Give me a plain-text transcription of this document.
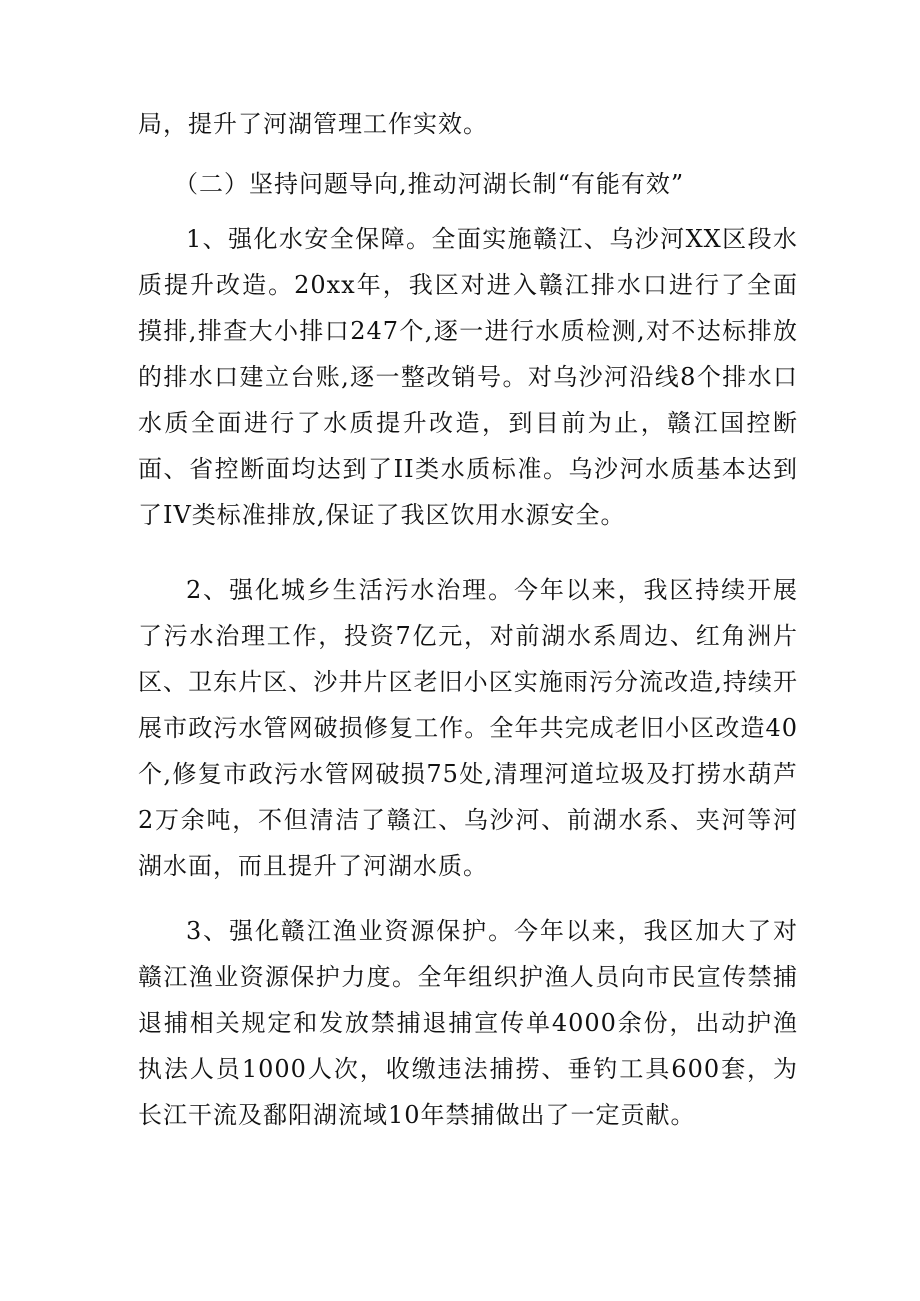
局，提升了河湖管理工作实效。

（二）坚持问题导向,推动河湖长制“有能有效”

1、强化水安全保障。全面实施赣江、乌沙河XX区段水质提升改造。20xx年，我区对进入赣江排水口进行了全面摸排,排查大小排口247个,逐一进行水质检测,对不达标排放的排水口建立台账,逐一整改销号。对乌沙河沿线8个排水口水质全面进行了水质提升改造，到目前为止，赣江国控断面、省控断面均达到了II类水质标准。乌沙河水质基本达到了IV类标准排放,保证了我区饮用水源安全。

2、强化城乡生活污水治理。今年以来，我区持续开展了污水治理工作，投资7亿元，对前湖水系周边、红角洲片区、卫东片区、沙井片区老旧小区实施雨污分流改造,持续开展市政污水管网破损修复工作。全年共完成老旧小区改造40个,修复市政污水管网破损75处,清理河道垃圾及打捞水葫芦2万余吨，不但清洁了赣江、乌沙河、前湖水系、夹河等河湖水面，而且提升了河湖水质。

3、强化赣江渔业资源保护。今年以来，我区加大了对赣江渔业资源保护力度。全年组织护渔人员向市民宣传禁捕退捕相关规定和发放禁捕退捕宣传单4000余份，出动护渔执法人员1000人次，收缴违法捕捞、垂钓工具600套，为长江干流及鄱阳湖流域10年禁捕做出了一定贡献。
